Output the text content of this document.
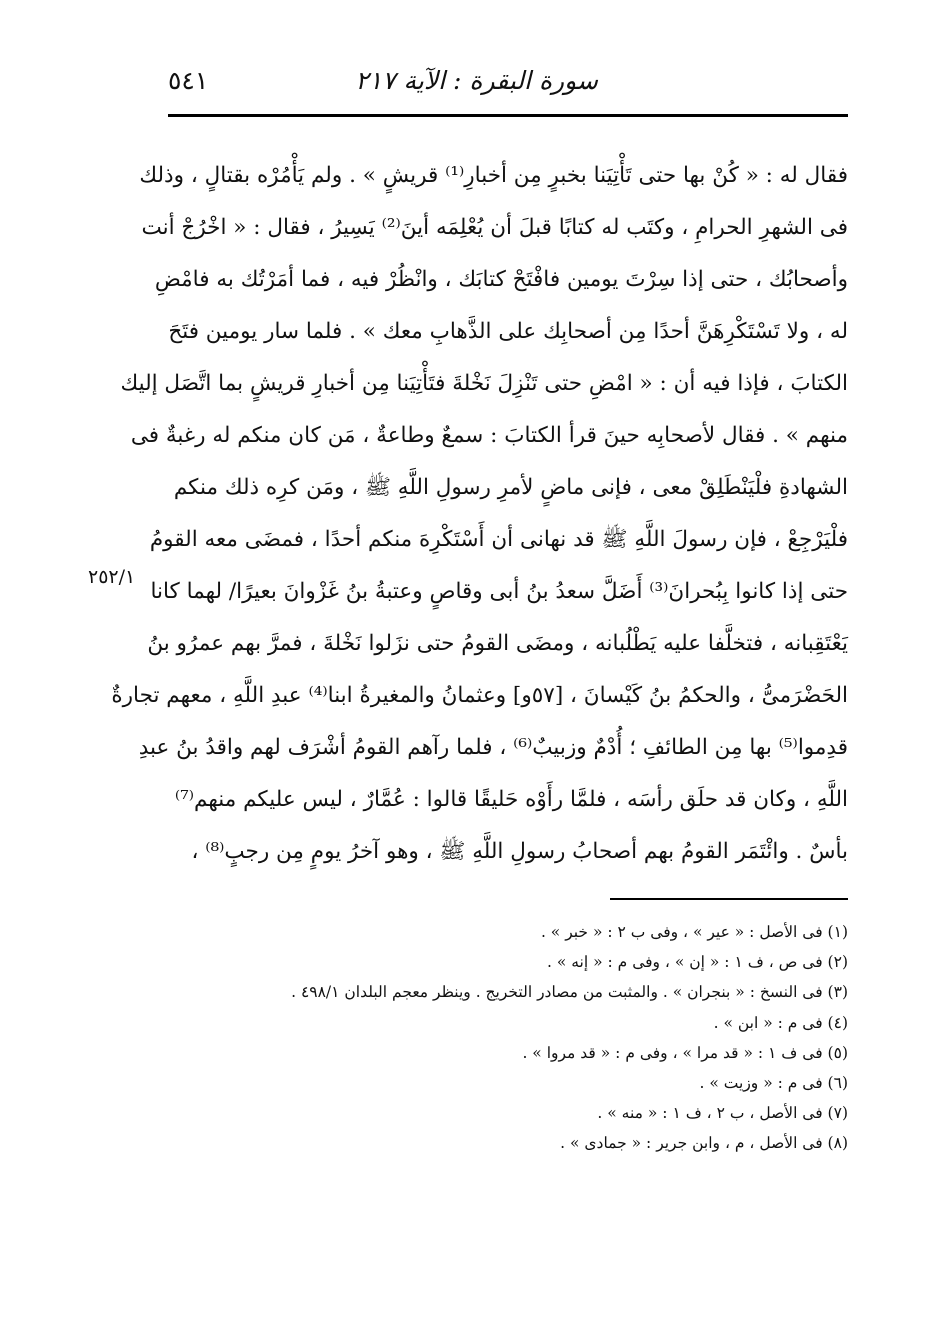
٥٤١	سورة البقرة : الآية ٢١٧
٢٥٢/١
فقال له : « كُنْ بها حتى تَأْتِيَنا بخبرٍ مِن أخبارِ⁽¹⁾ قريشٍ » . ولم يَأْمُرْه بقتالٍ ، وذلك
فى الشهرِ الحرامِ ، وكتَب له كتابًا قبلَ أن يُعْلِمَه أينَ⁽²⁾ يَسِيرُ ، فقال : « اخْرُجْ أنت
وأصحابُك ، حتى إذا سِرْتَ يومين فافْتَحْ كتابَك ، وانْظُرْ فيه ، فما أمَرْتُك به فامْضِ
له ، ولا تَسْتَكْرِهَنَّ أحدًا مِن أصحابِك على الذَّهابِ معك » . فلما سار يومين فتَحَ
الكتابَ ، فإذا فيه أن : « امْضِ حتى تَنْزِلَ نَخْلةَ فتَأْتِيَنا مِن أخبارِ قريشٍ بما اتَّصَل إليك
منهم » . فقال لأصحابِه حينَ قرأ الكتابَ : سمعٌ وطاعةٌ ، مَن كان منكم له رغبةٌ فى
الشهادةِ فلْيَنْطَلِقْ معى ، فإنى ماضٍ لأمرِ رسولِ اللَّهِ ﷺ ، ومَن كرِه ذلك منكم
فلْيَرْجِعْ ، فإن رسولَ اللَّهِ ﷺ قد نهانى أن أَسْتَكْرِهَ منكم أحدًا ، فمضَى معه القومُ
حتى إذا كانوا بِبُحرانَ⁽³⁾ أَضَلَّ سعدُ بنُ أبى وقاصٍ وعتبةُ بنُ غَزْوانَ بعيرًا/ لهما كانا
يَعْتَقِبانه ، فتخلَّفا عليه يَطْلُبانه ، ومضَى القومُ حتى نزَلوا نَخْلةَ ، فمرَّ بهم عمرُو بنُ
الحَضْرَمىُّ ، والحكمُ بنُ كَيْسانَ ، [٥٧و] وعثمانُ والمغيرةُ ابنا⁽⁴⁾ عبدِ اللَّهِ ، معهم تجارةٌ
قدِموا⁽⁵⁾ بها مِن الطائفِ ؛ أُدْمٌ وزبيبٌ⁽⁶⁾ ، فلما رآهم القومُ أشْرَف لهم واقدُ بنُ عبدِ
اللَّهِ ، وكان قد حلَق رأسَه ، فلمَّا رأَوْه حَليقًا قالوا : عُمَّارٌ ، ليس عليكم منهم⁽⁷⁾
بأسٌ . وائْتَمَر القومُ بهم أصحابُ رسولِ اللَّهِ ﷺ ، وهو آخرُ يومٍ مِن رجبٍ⁽⁸⁾ ،
(١) فى الأصل : « عير » ، وفى ب ٢ : « خبر » .
(٢) فى ص ، ف ١ : « إن » ، وفى م : « إنه » .
(٣) فى النسخ : « بنجران » . والمثبت من مصادر التخريج . وينظر معجم البلدان ٤٩٨/١ .
(٤) فى م : « ابن » .
(٥) فى ف ١ : « قد مرا » ، وفى م : « قد مروا » .
(٦) فى م : « وزيت » .
(٧) فى الأصل ، ب ٢ ، ف ١ : « منه » .
(٨) فى الأصل ، م ، وابن جرير : « جمادى » .
